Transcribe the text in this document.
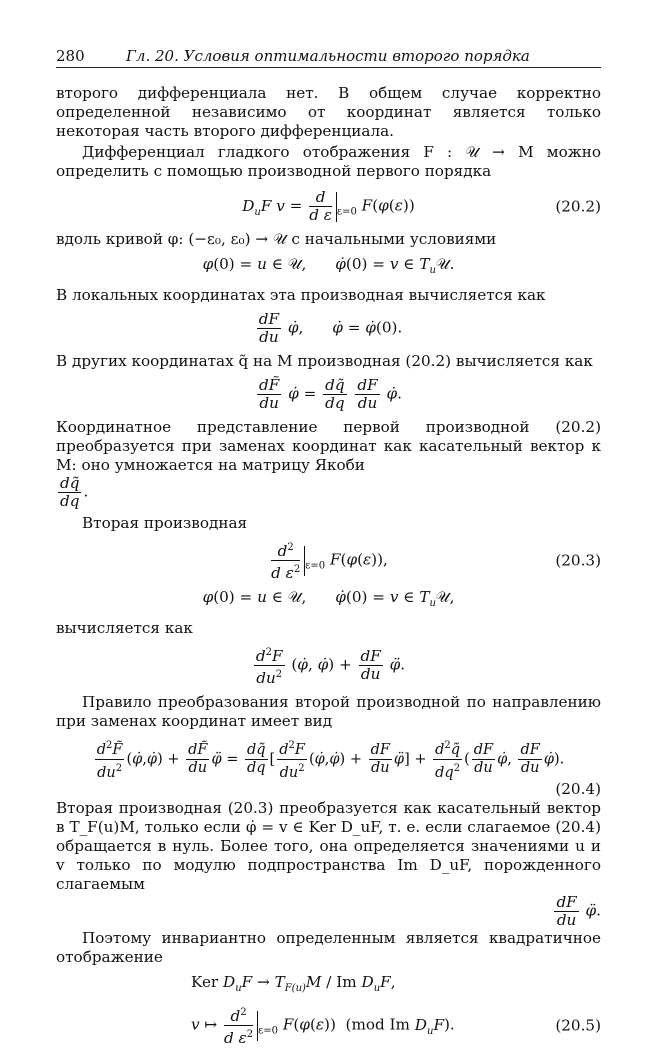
280	Гл. 20. Условия оптимальности второго порядка

второго дифференциала нет. В общем случае корректно определенной независимо от координат является только некоторая часть второго дифференциала.

Дифференциал гладкого отображения F : 𝒰 → M можно определить с помощью производной первого порядка

$D_uF$ $v = \frac{d}{\text{d ε}} _{\varepsilon=0}$ F(φ(ε))	(20.2)

вдоль кривой φ: (−ε₀, ε₀) → 𝒰 с начальными условиями

φ(0) = u ∈ 𝒰,      φ̇(0) = v ∈ $T_u𝒰$.

В локальных координатах эта производная вычисляется как

$\frac{dF}{du}$ φ̇,      φ̇ = φ̇(0).

В других координатах q̃ на M производная (20.2) вычисляется как

$\frac{dF̃}{du}$ φ̇ = $\frac{dq̃}{dq}$
$\frac{dF}{du}$ φ̇.

Координатное представление первой производной (20.2) преобразуется при заменах координат как касательный вектор к M: оно умножается на матрицу Якоби

$\frac{dq̃}{dq}$ .

Вторая производная

$\frac{d^2}{d \varepsilon^2} _{\varepsilon=0}$ F(φ(ε)),	(20.3)
φ(0) = u ∈ 𝒰,      φ̇(0) = v ∈ $T_u𝒰$,

вычисляется как

$\frac{d^2F}{du^2}$ (φ̇, φ̇) + $\frac{dF}{du}$ φ̈.

Правило преобразования второй производной по направлению при заменах координат имеет вид

$\frac{d^2F̃}{du^2}$ (φ̇,φ̇) + $\frac{dF̃}{du}$ φ̈ = $\frac{dq̃}{dq}$ [ $\frac{d^2F}{du^2}$ (φ̇,φ̇) + $\frac{dF}{du}$ φ̈] + $\frac{d^2q̃}{dq^2}$ ( $\frac{dF}{du}$ φ̇, $\frac{dF}{du}$ φ̇).
(20.4)

Вторая производная (20.3) преобразуется как касательный вектор в T_F(u)M, только если φ̇ = v ∈ Ker D_uF, т. е. если слагаемое (20.4) обращается в нуль. Более того, она определяется значениями u и v только по модулю подпространства Im D_uF, порожденного слагаемым

$\frac{dF}{du}$ φ̈.

Поэтому инвариантно определенным является квадратичное отображение

Ker $D_uF \to T_{F(u)}M / Im$ $D_uF$,
v ↦ $\frac{d^2}{d \varepsilon^2} _{\varepsilon=0}$ F(φ(ε))  (mod Im $D_uF$).	(20.5)
